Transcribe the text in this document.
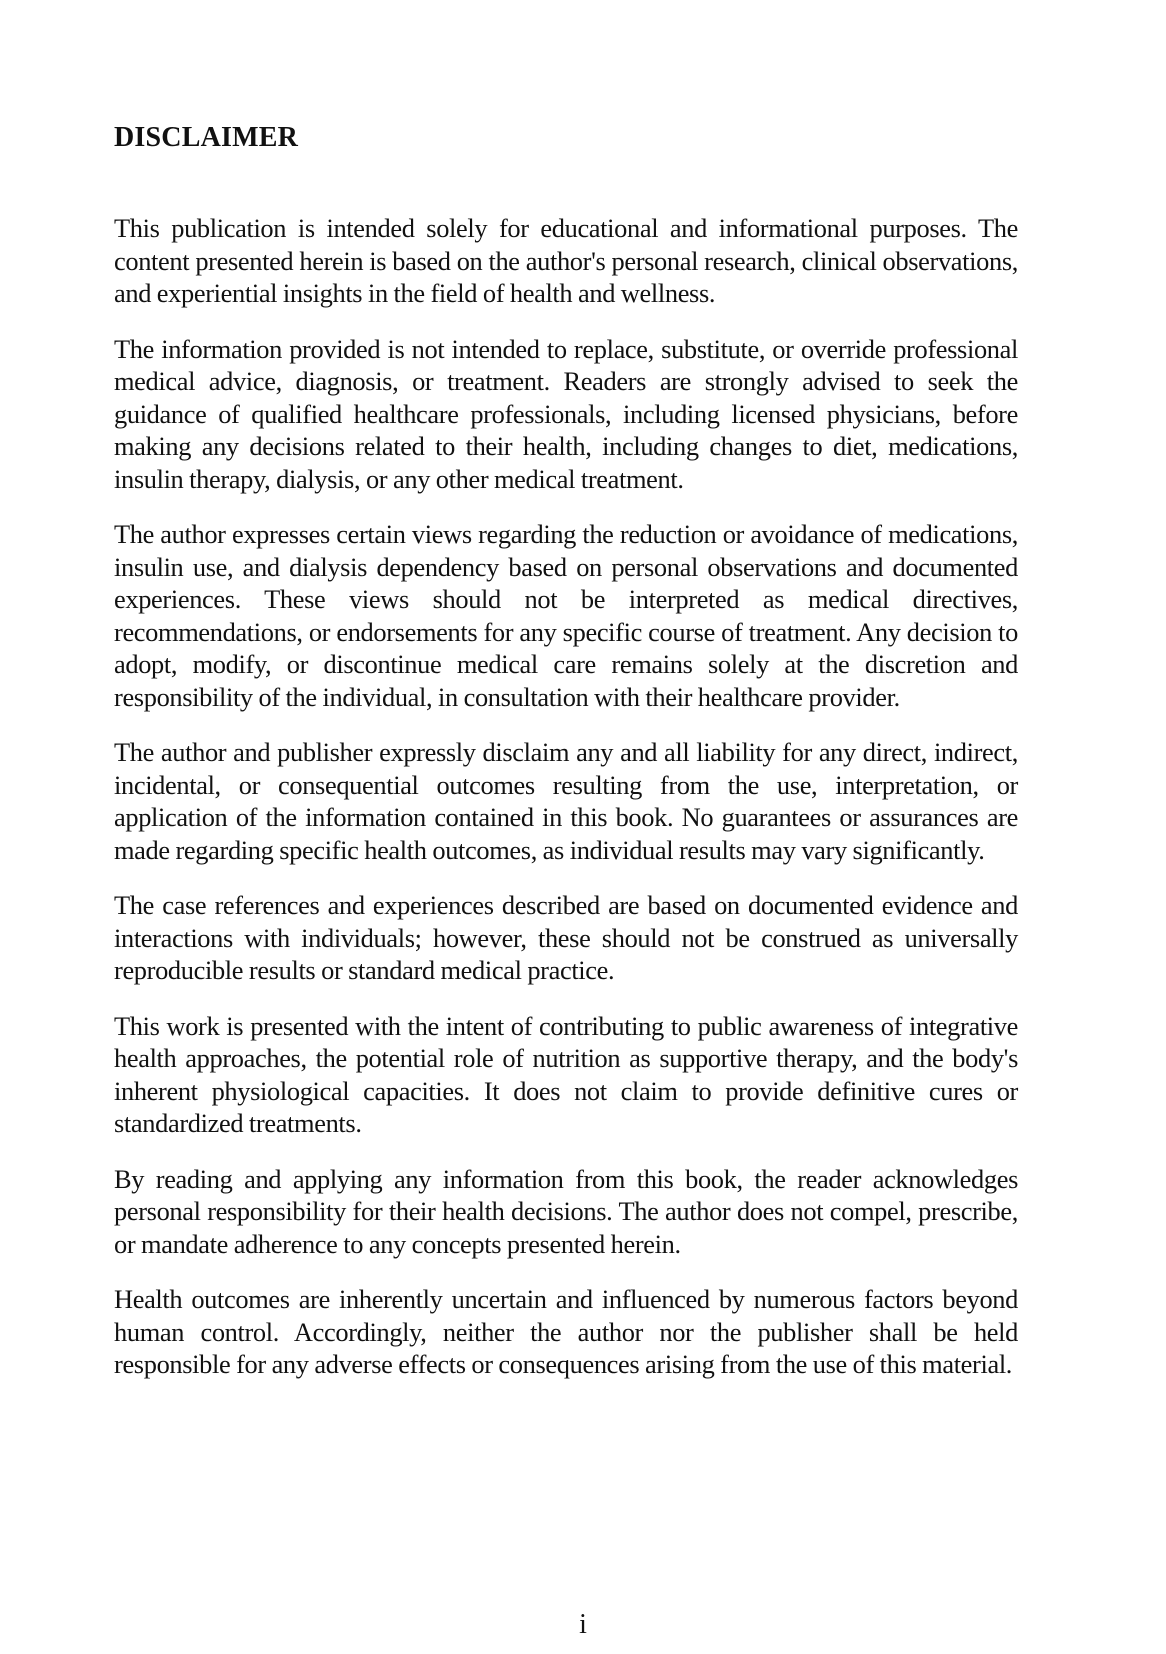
DISCLAIMER

This publication is intended solely for educational and informational purposes. The content presented herein is based on the author's personal research, clinical observations, and experiential insights in the field of health and wellness.

The information provided is not intended to replace, substitute, or override professional medical advice, diagnosis, or treatment. Readers are strongly advised to seek the guidance of qualified healthcare professionals, including licensed physicians, before making any decisions related to their health, including changes to diet, medications, insulin therapy, dialysis, or any other medical treatment.

The author expresses certain views regarding the reduction or avoidance of medications, insulin use, and dialysis dependency based on personal observations and documented experiences. These views should not be interpreted as medical directives, recommendations, or endorsements for any specific course of treatment. Any decision to adopt, modify, or discontinue medical care remains solely at the discretion and responsibility of the individual, in consultation with their healthcare provider.

The author and publisher expressly disclaim any and all liability for any direct, indirect, incidental, or consequential outcomes resulting from the use, interpretation, or application of the information contained in this book. No guarantees or assurances are made regarding specific health outcomes, as individual results may vary significantly.

The case references and experiences described are based on documented evidence and interactions with individuals; however, these should not be construed as universally reproducible results or standard medical practice.

This work is presented with the intent of contributing to public awareness of integrative health approaches, the potential role of nutrition as supportive therapy, and the body's inherent physiological capacities. It does not claim to provide definitive cures or standardized treatments.

By reading and applying any information from this book, the reader acknowledges personal responsibility for their health decisions. The author does not compel, prescribe, or mandate adherence to any concepts presented herein.

Health outcomes are inherently uncertain and influenced by numerous factors beyond human control. Accordingly, neither the author nor the publisher shall be held responsible for any adverse effects or consequences arising from the use of this material.

i
